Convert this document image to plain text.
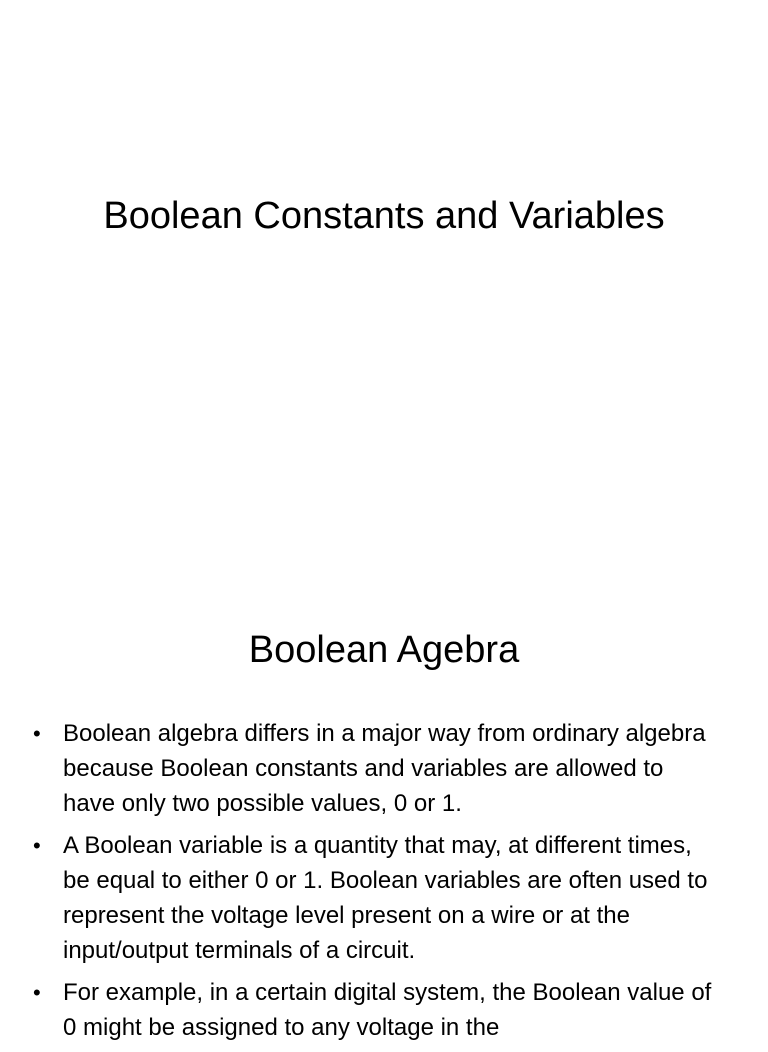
Boolean Constants and Variables
Boolean Agebra
• Boolean algebra differs in a major way from ordinary algebra because Boolean constants and variables are allowed to have only two possible values, 0 or 1.
• A Boolean variable is a quantity that may, at different times, be equal to either 0 or 1. Boolean variables are often used to represent the voltage level present on a wire or at the input/output terminals of a circuit.
• For example, in a certain digital system, the Boolean value of 0 might be assigned to any voltage in the
